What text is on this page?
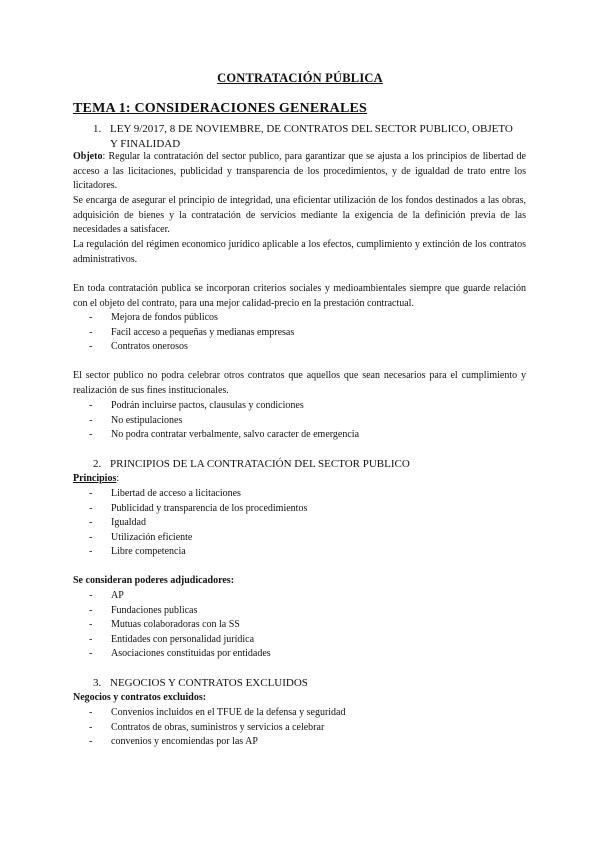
CONTRATACIÓN PÚBLICA
TEMA 1: CONSIDERACIONES GENERALES
1. LEY 9/2017, 8 DE NOVIEMBRE, DE CONTRATOS DEL SECTOR PUBLICO, OBJETO Y FINALIDAD
Objeto: Regular la contratación del sector publico, para garantizar que se ajusta a los principios de libertad de acceso a las licitaciones, publicidad y transparencia de los procedimientos, y de igualdad de trato entre los licitadores.
Se encarga de asegurar el principio de integridad, una eficientar utilización de los fondos destinados a las obras, adquisición de bienes y la contratación de servicios mediante la exigencia de la definición previa de las necesidades a satisfacer.
La regulación del régimen economico jurídico aplicable a los efectos, cumplimiento y extinción de los contratos administrativos.
En toda contratación publica se incorporan criterios sociales y medioambientales siempre que guarde relación con el objeto del contrato, para una mejor calidad-precio en la prestación contractual.
- Mejora de fondos públicos
- Facil acceso a pequeñas y medianas empresas
- Contratos onerosos
El sector publico no podra celebrar otros contratos que aquellos que sean necesarios para el cumplimiento y realización de sus fines institucionales.
- Podrán incluirse pactos, clausulas y condiciones
- No estipulaciones
- No podra contratar verbalmente, salvo caracter de emergencia
2. PRINCIPIOS DE LA CONTRATACIÓN DEL SECTOR PUBLICO
Principios:
- Libertad de acceso a licitaciones
- Publicidad y transparencia de los procedimientos
- Igualdad
- Utilización eficiente
- Libre competencia
Se consideran poderes adjudicadores:
- AP
- Fundaciones publicas
- Mutuas colaboradoras con la SS
- Entidades con personalidad jurídica
- Asociaciones constituidas por entidades
3. NEGOCIOS Y CONTRATOS EXCLUIDOS
Negocios y contratos excluidos:
- Convenios incluidos en el TFUE de la defensa y seguridad
- Contratos de obras, suministros y servicios a celebrar
- convenios y encomiendas por las AP
